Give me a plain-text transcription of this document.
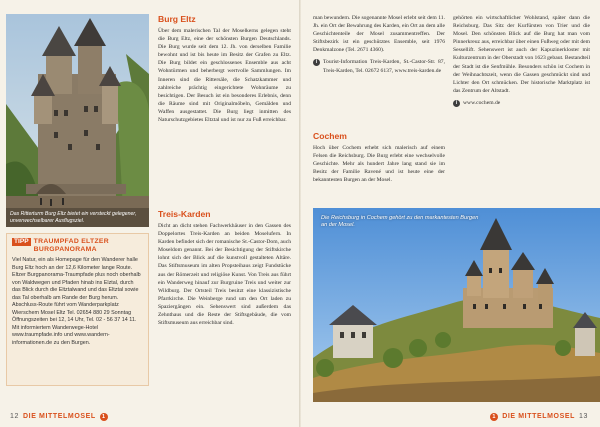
Das Ritterturm Burg Eltz bietet ein versteckt gelegener, unverwechselbarer Ausflugsziel.
TIPP TRAUMPFAD ELTZER BURGPANORAMA
Viel Natur, ein als Homepage für den Wanderer halle Burg Eltz hoch an der 12,6 Kilometer lange Route. Eltzer Burgpanorama-Traumpfade plus noch oberhalb von Waldwegen und Pfaden hinab ins Elztal, durch das Blick durch die Eltztalwand und das Eltztal sowie das Tal oberhalb am Rande der Burg herum. Abschluss-Route führt vom Wanderparkplatz Wierschem Mosel Eltz Tel. 02654 880 29 Sonntag Öffnungszeiten bei 12, 14 Uhr, Tel. 02 - 56 37 14 11. Mit informiertem Wanderwege-Hotel www.traumpfade.info und www.wandern-informationen.de zu den Burgen.
Burg Eltz

Über dem malerischen Tal der Moselkerns gelegen steht die Burg Eltz, eine der schönsten Burgen Deutschlands. Die Burg wurde seit dem 12. Jh. von derselben Familie bewohnt und ist bis heute im Besitz der Grafen zu Eltz. Die Burg bildet ein geschlossenes Ensemble aus acht Wohntürmen und beherbergt wertvolle Sammlungen. Im Inneren sind die Rittersäle, die Schatzkammer und zahlreiche prächtig eingerichtete Wohnräume zu besichtigen. Der Besuch ist ein besonderes Erlebnis, denn die Räume sind mit Originalmöbeln, Gemälden und Waffen ausgestattet. Die Burg liegt inmitten des Naturschutzgebietes Eltztal und ist nur zu Fuß erreichbar.

Treis-Karden

Dicht an dicht stehen Fachwerkhäuser in den Gassen des Doppelortes Treis-Karden an beiden Moselufern. In Karden befindet sich der romanische St.-Castor-Dom, auch Moseldom genannt. Bei der Besichtigung der Stiftskirche lohnt sich der Blick auf die kunstvoll gestalteten Altäre. Das Stiftsmuseum im alten Propsteihaus zeigt Fundstücke aus der Römerzeit und religiöse Kunst. Von Treis aus führt ein Wanderweg hinauf zur Burgruine Treis und weiter zur Wildburg. Der Ortsteil Treis besitzt eine klassizistische Pfarrkirche. Die Weinberge rund um den Ort laden zu Spaziergängen ein. Sehenswert sind außerdem das Zehnthaus und die Reste der Stiftsgebäude, die vom Stiftsmuseum aus erreichbar sind.

12 DIE MITTELMOSEL	1

man bewundern. Die sogenannte Mosel erlebt seit dem 11. Jh. ein Ort der Bewahrung des Karden, ein Ort an dem alle Geschichtenteile der Mosel zusammentreffen. Der Stiftsbezirk ist ein geschütztes Ensemble, seit 1976 Denkmalzone (Tel. 2671 4360).

i	Tourist-Information Treis-Karden, St.-Castor-Str. 87, Treis-Karden, Tel. 02672 6137, www.treis-karden.de
Cochem

Hoch über Cochem erhebt sich malerisch auf einem Felsen die Reichsburg. Die Burg erlebt eine wechselvolle Geschichte. Mehr als hundert Jahre lang stand sie im Besitz der Familie Ravené und ist heute eine der bekanntesten Burgen an der Mosel.

gehörten ein wirtschaftlicher Wohlstand, später dann die Reichsburg. Das Sitz der Kurfürsten von Trier und die Mosel. Den schönsten Blick auf die Burg hat man vom Pinnerkreuz aus, erreichbar über einen Fußweg oder mit dem Sessellift. Sehenswert ist auch der Kapuzinerkloster mit Kulturzentrum in der Oberstadt von 1623 gebaut. Bestandteil der Stadt ist die Senfmühle. Besonders schön ist Cochem in der Weihnachtszeit, wenn die Gassen geschmückt sind und Lichter den Ort schmücken. Der historische Marktplatz ist das Zentrum der Altstadt.

i	www.cochem.de
Die Reichsburg in Cochem gehört zu den markantesten Burgen an der Mosel.
1 DIE MITTELMOSEL 13
